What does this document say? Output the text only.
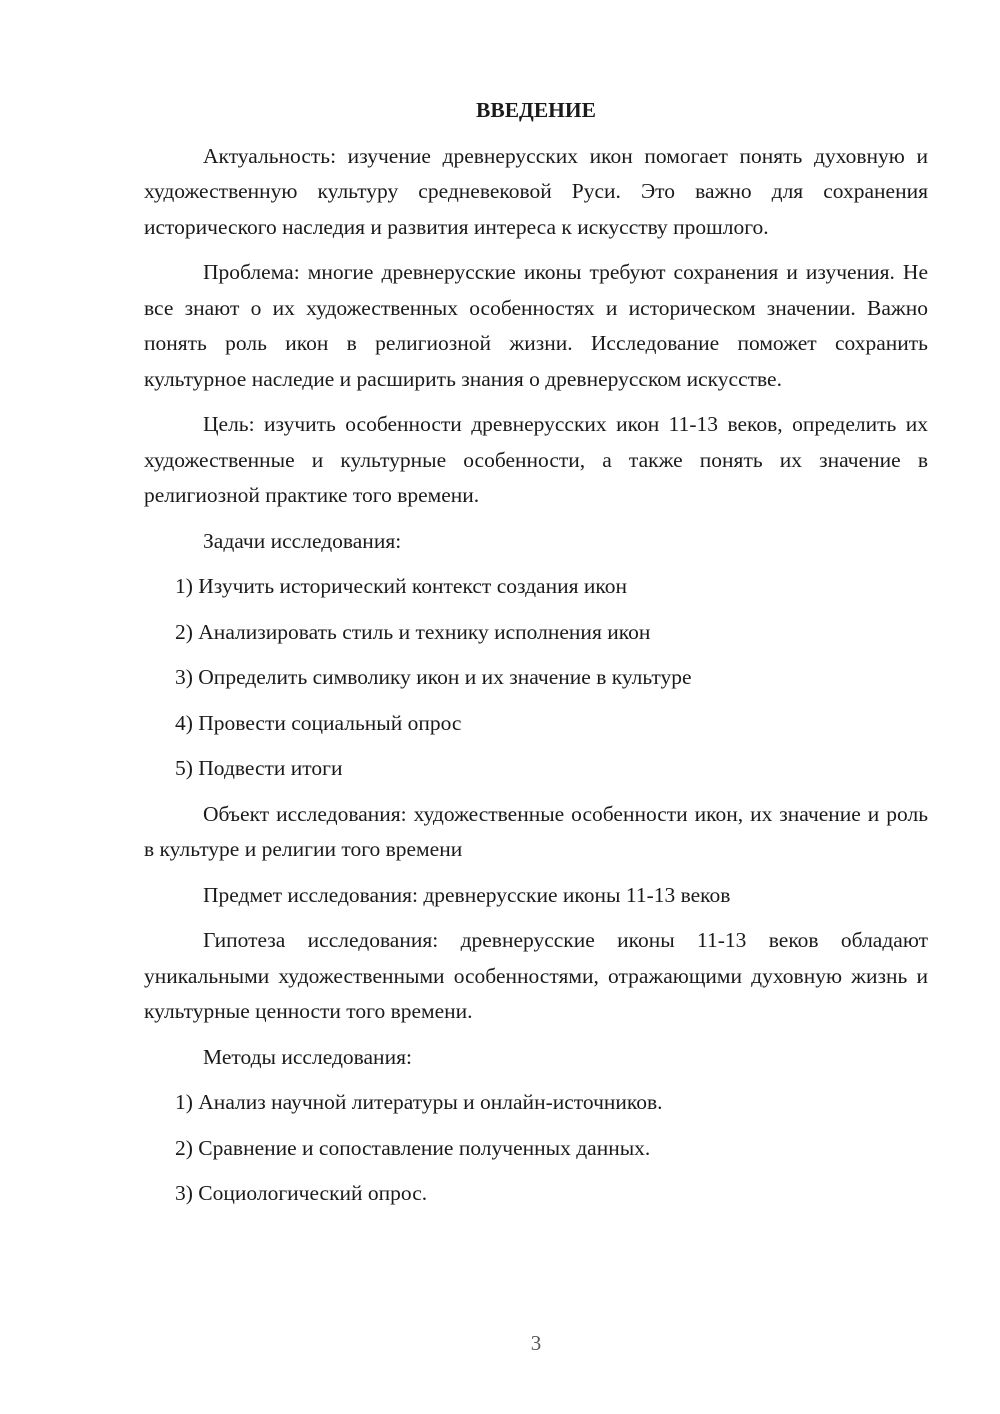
ВВЕДЕНИЕ
Актуальность: изучение древнерусских икон помогает понять духовную и художественную культуру средневековой Руси. Это важно для сохранения исторического наследия и развития интереса к искусству прошлого.
Проблема: многие древнерусские иконы требуют сохранения и изучения. Не все знают о их художественных особенностях и историческом значении. Важно понять роль икон в религиозной жизни. Исследование поможет сохранить культурное наследие и расширить знания о древнерусском искусстве.
Цель: изучить особенности древнерусских икон 11-13 веков, определить их художественные и культурные особенности, а также понять их значение в религиозной практике того времени.
Задачи исследования:
1) Изучить исторический контекст создания икон
2) Анализировать стиль и технику исполнения икон
3) Определить символику икон и их значение в культуре
4) Провести социальный опрос
5) Подвести итоги
Объект исследования: художественные особенности икон, их значение и роль в культуре и религии того времени
Предмет исследования: древнерусские иконы 11-13 веков
Гипотеза исследования: древнерусские иконы 11-13 веков обладают уникальными художественными особенностями, отражающими духовную жизнь и культурные ценности того времени.
Методы исследования:
1) Анализ научной литературы и онлайн-источников.
2) Сравнение и сопоставление полученных данных.
3) Социологический опрос.
3
